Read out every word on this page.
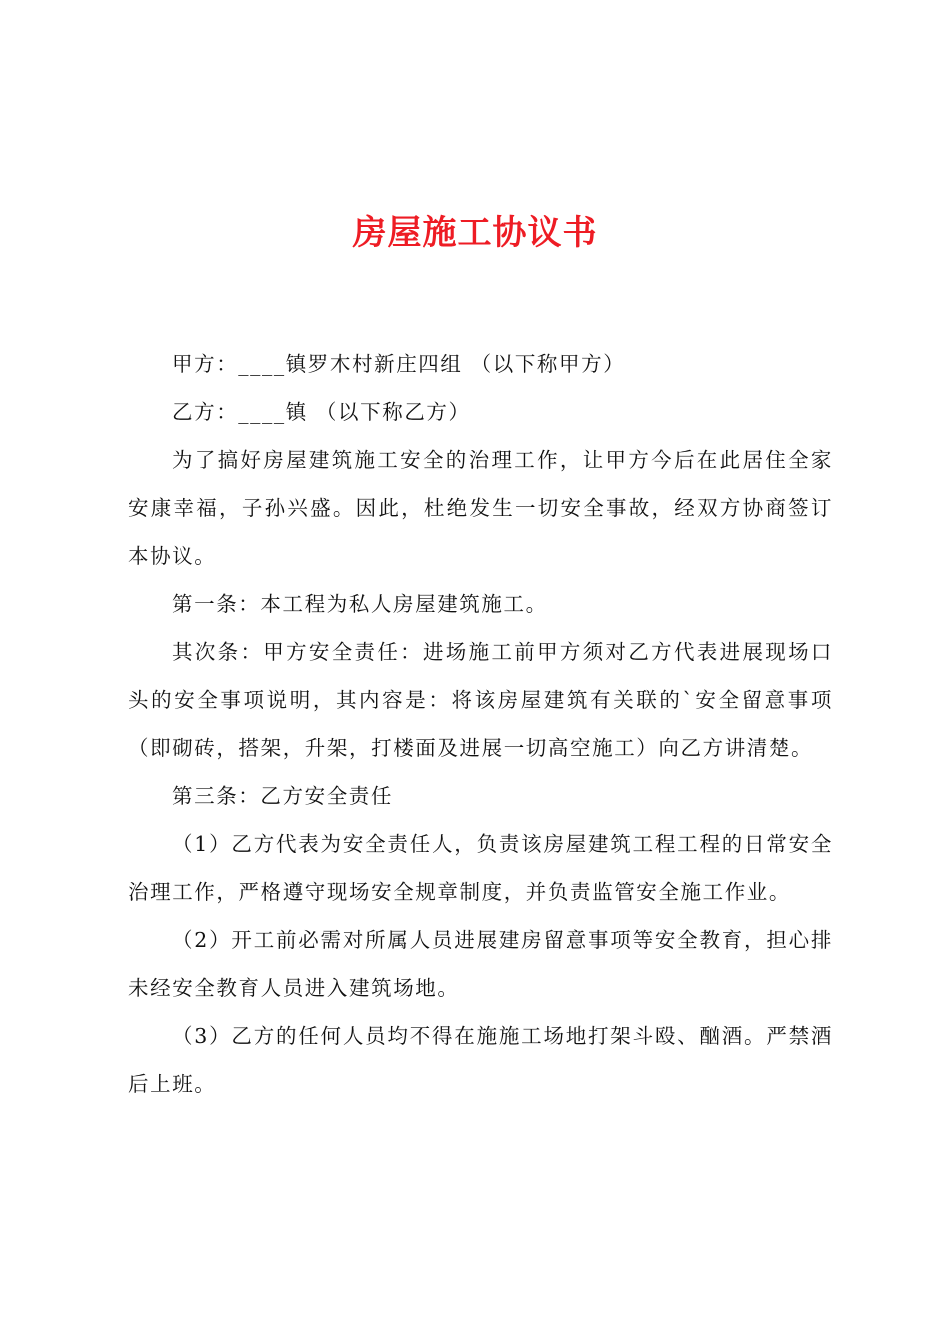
房屋施工协议书

甲方：____镇罗木村新庄四组 （以下称甲方）

乙方：____镇 （以下称乙方）

为了搞好房屋建筑施工安全的治理工作，让甲方今后在此居住全家安康幸福，子孙兴盛。因此，杜绝发生一切安全事故，经双方协商签订本协议。

第一条：本工程为私人房屋建筑施工。

其次条：甲方安全责任：进场施工前甲方须对乙方代表进展现场口头的安全事项说明，其内容是：将该房屋建筑有关联的`安全留意事项（即砌砖，搭架，升架，打楼面及进展一切高空施工）向乙方讲清楚。

第三条：乙方安全责任

（1）乙方代表为安全责任人，负责该房屋建筑工程工程的日常安全治理工作，严格遵守现场安全规章制度，并负责监管安全施工作业。

（2）开工前必需对所属人员进展建房留意事项等安全教育，担心排未经安全教育人员进入建筑场地。

（3）乙方的任何人员均不得在施施工场地打架斗殴、酗酒。严禁酒后上班。
